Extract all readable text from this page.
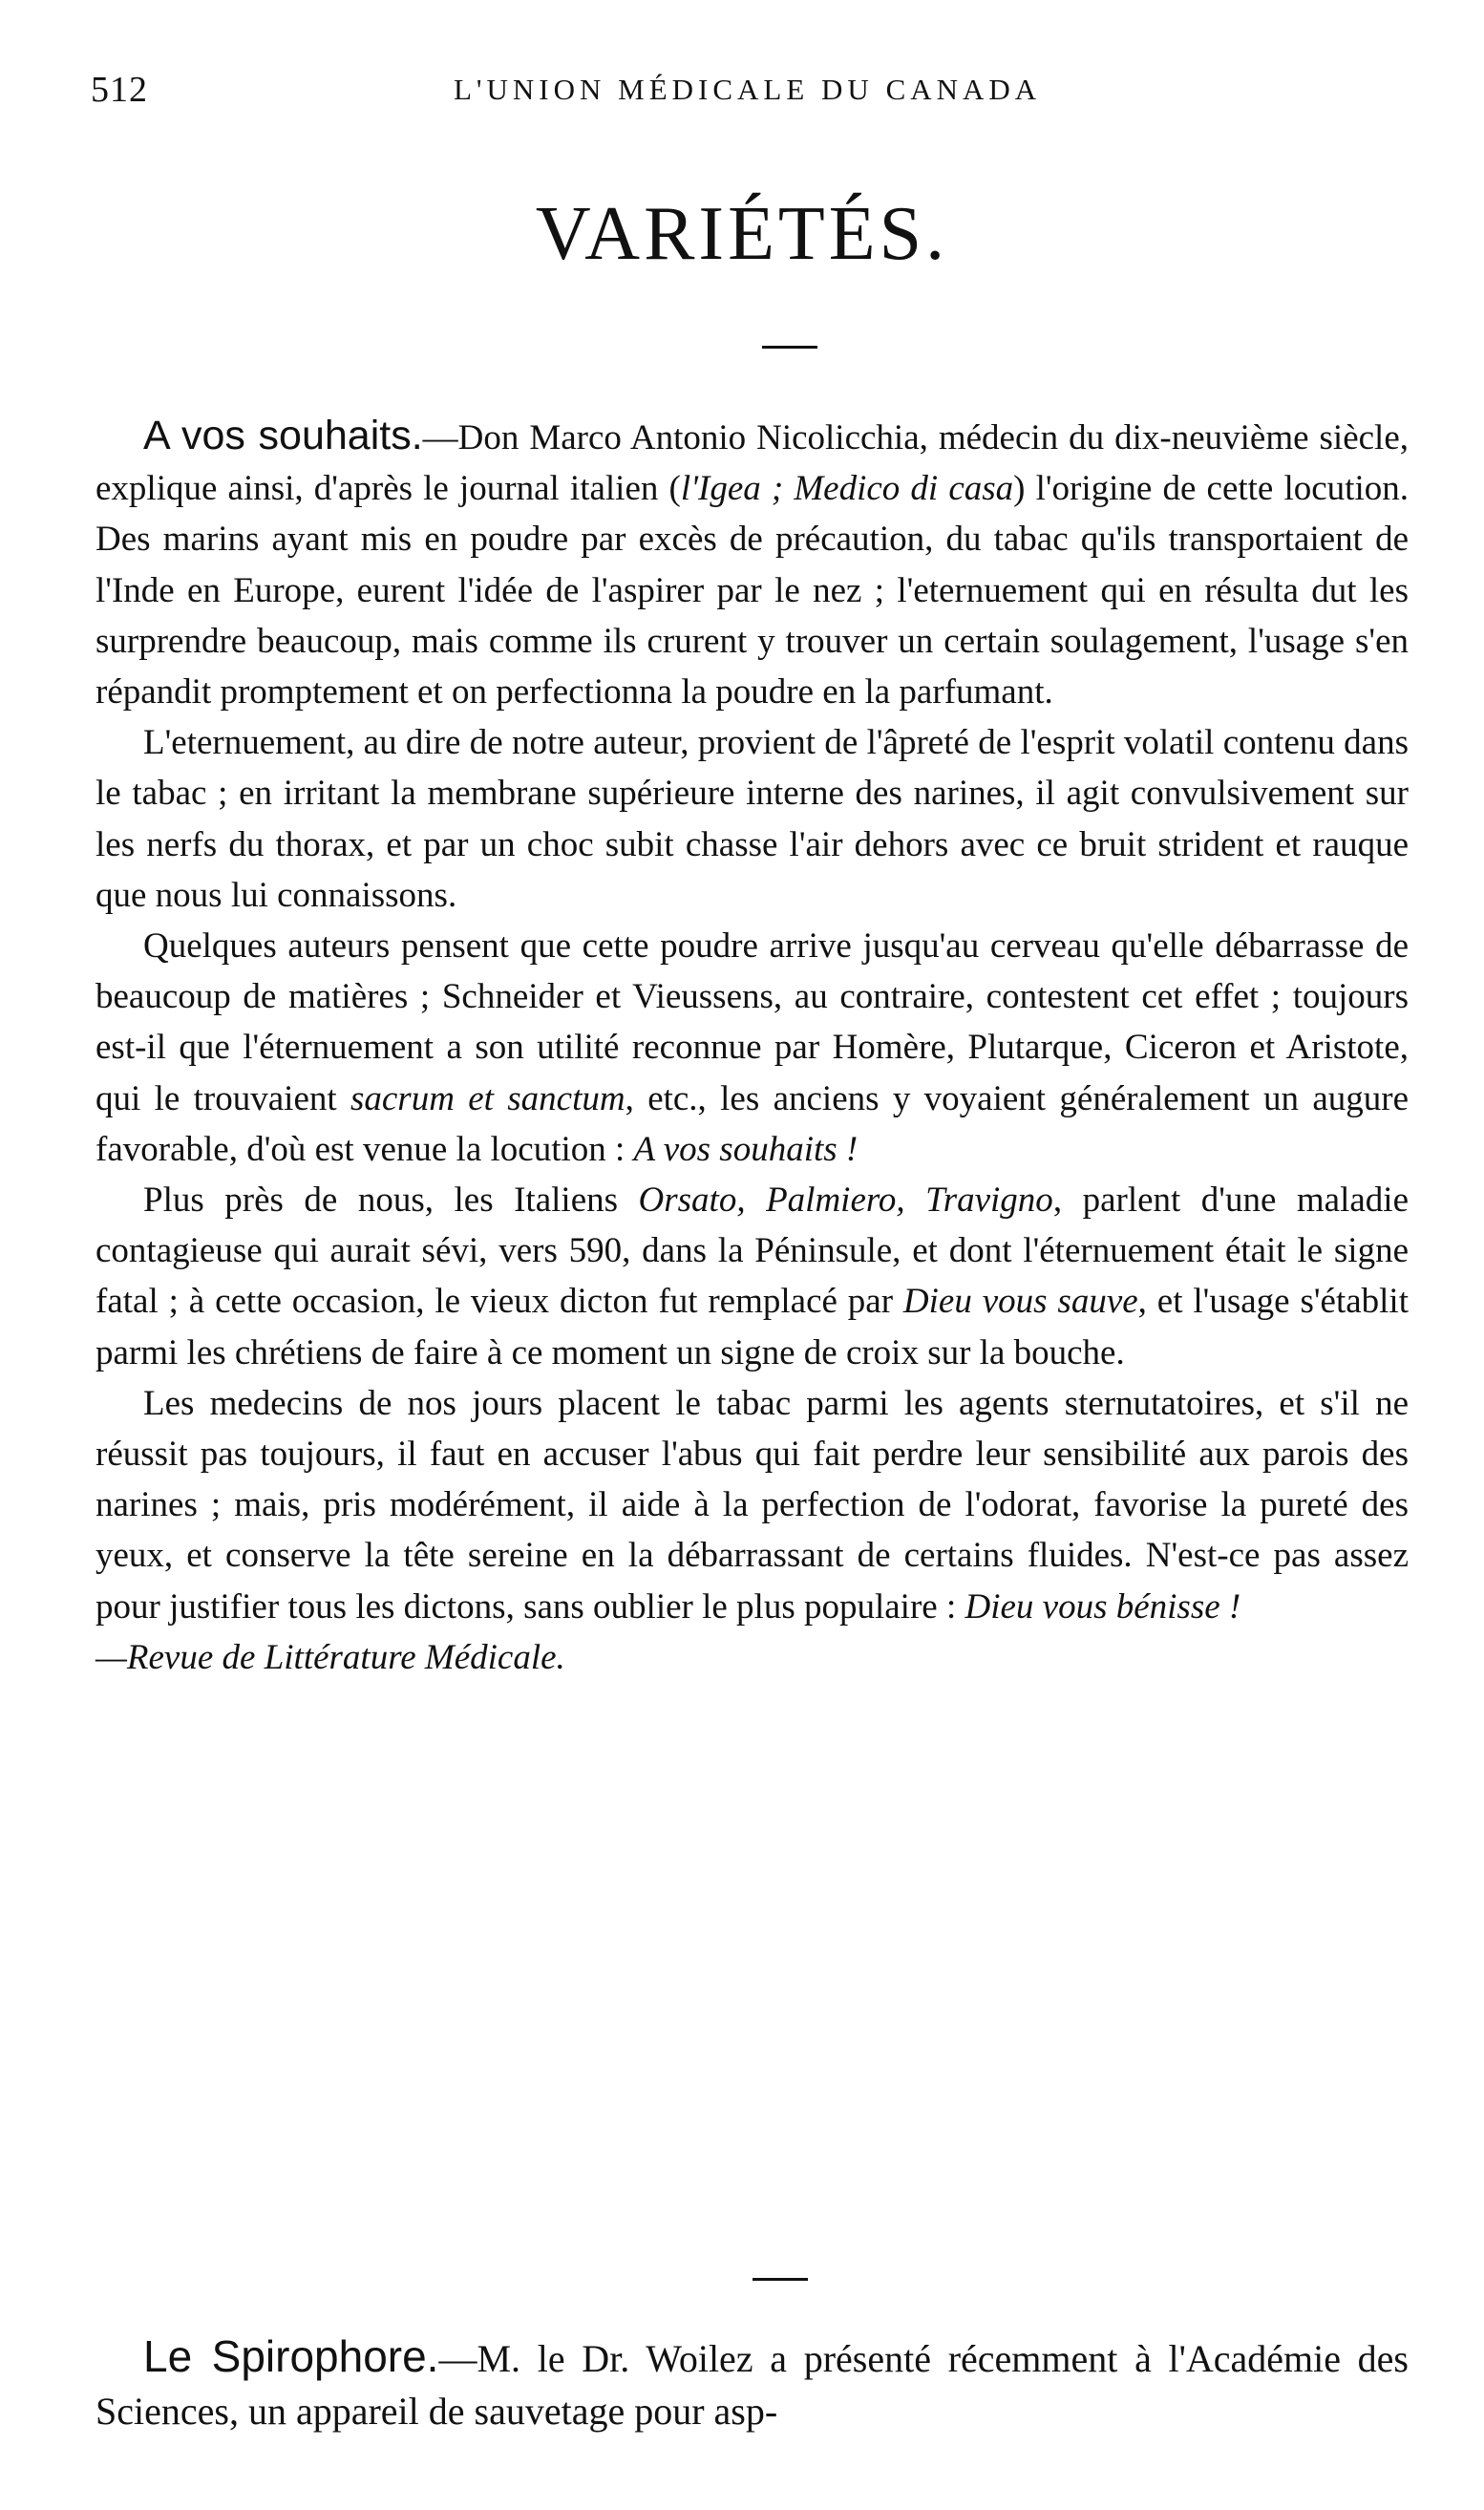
512	L'UNION MÉDICALE DU CANADA
VARIÉTÉS.

A vos souhaits.—Don Marco Antonio Nicolicchia, médecin du dix-neuvième siècle, explique ainsi, d'après le journal italien (l'Igea ; Medico di casa) l'origine de cette locution. Des marins ayant mis en poudre par excès de précaution, du tabac qu'ils transportaient de l'Inde en Europe, eurent l'idée de l'aspirer par le nez ; l'eternuement qui en résulta dut les surprendre beaucoup, mais comme ils crurent y trouver un certain soulagement, l'usage s'en répandit promptement et on perfectionna la poudre en la parfumant.

L'eternuement, au dire de notre auteur, provient de l'âpreté de l'esprit volatil contenu dans le tabac ; en irritant la membrane supérieure interne des narines, il agit convulsivement sur les nerfs du thorax, et par un choc subit chasse l'air dehors avec ce bruit strident et rauque que nous lui connaissons.

Quelques auteurs pensent que cette poudre arrive jusqu'au cerveau qu'elle débarrasse de beaucoup de matières ; Schneider et Vieussens, au contraire, contestent cet effet ; toujours est-il que l'éternuement a son utilité reconnue par Homère, Plutarque, Ciceron et Aristote, qui le trouvaient sacrum et sanctum, etc., les anciens y voyaient généralement un augure favorable, d'où est venue la locution : A vos souhaits !

Plus près de nous, les Italiens Orsato, Palmiero, Travigno, parlent d'une maladie contagieuse qui aurait sévi, vers 590, dans la Péninsule, et dont l'éternuement était le signe fatal ; à cette occasion, le vieux dicton fut remplacé par Dieu vous sauve, et l'usage s'établit parmi les chrétiens de faire à ce moment un signe de croix sur la bouche.

Les medecins de nos jours placent le tabac parmi les agents sternutatoires, et s'il ne réussit pas toujours, il faut en accuser l'abus qui fait perdre leur sensibilité aux parois des narines ; mais, pris modérément, il aide à la perfection de l'odorat, favorise la pureté des yeux, et conserve la tête sereine en la débarrassant de certains fluides. N'est-ce pas assez pour justifier tous les dictons, sans oublier le plus populaire : Dieu vous bénisse !

—Revue de Littérature Médicale.

Le Spirophore.—M. le Dr. Woilez a présenté récemment à l'Académie des Sciences, un appareil de sauvetage pour asp-
